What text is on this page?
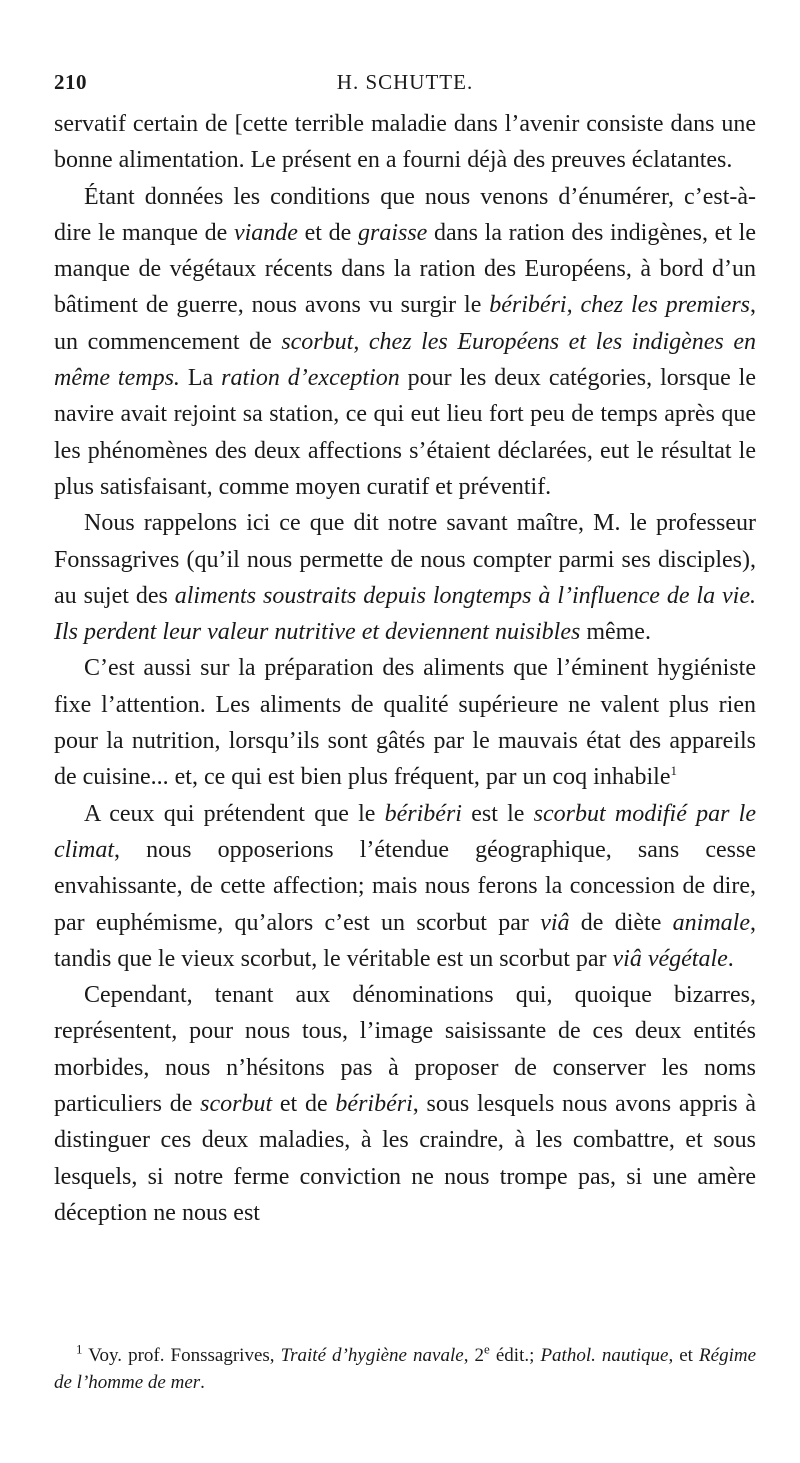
210	H. SCHUTTE.

servatif certain de [cette terrible maladie dans l’avenir consiste dans une bonne alimentation. Le présent en a fourni déjà des preuves éclatantes.

Étant données les conditions que nous venons d’énumérer, c’est-à-dire le manque de viande et de graisse dans la ration des indigènes, et le manque de végétaux récents dans la ration des Européens, à bord d’un bâtiment de guerre, nous avons vu surgir le béribéri, chez les premiers, un commencement de scorbut, chez les Européens et les indigènes en même temps. La ration d’exception pour les deux catégories, lorsque le navire avait rejoint sa station, ce qui eut lieu fort peu de temps après que les phénomènes des deux affections s’étaient déclarées, eut le résultat le plus satisfaisant, comme moyen curatif et préventif.

Nous rappelons ici ce que dit notre savant maître, M. le professeur Fonssagrives (qu’il nous permette de nous compter parmi ses disciples), au sujet des aliments soustraits depuis longtemps à l’influence de la vie. Ils perdent leur valeur nutritive et deviennent nuisibles même.

C’est aussi sur la préparation des aliments que l’éminent hygiéniste fixe l’attention. Les aliments de qualité supérieure ne valent plus rien pour la nutrition, lorsqu’ils sont gâtés par le mauvais état des appareils de cuisine... et, ce qui est bien plus fréquent, par un coq inhabile$^1$

A ceux qui prétendent que le béribéri est le scorbut modifié par le climat, nous opposerions l’étendue géographique, sans cesse envahissante, de cette affection; mais nous ferons la concession de dire, par euphémisme, qu’alors c’est un scorbut par viâ de diète animale, tandis que le vieux scorbut, le véritable est un scorbut par viâ végétale.

Cependant, tenant aux dénominations qui, quoique bizarres, représentent, pour nous tous, l’image saisissante de ces deux entités morbides, nous n’hésitons pas à proposer de conserver les noms particuliers de scorbut et de béribéri, sous lesquels nous avons appris à distinguer ces deux maladies, à les craindre, à les combattre, et sous lesquels, si notre ferme conviction ne nous trompe pas, si une amère déception ne nous est

$^1$ Voy. prof. Fonssagrives, Traité d’hygiène navale, 2e édit.; Pathol. nautique, et Régime de l’homme de mer.
